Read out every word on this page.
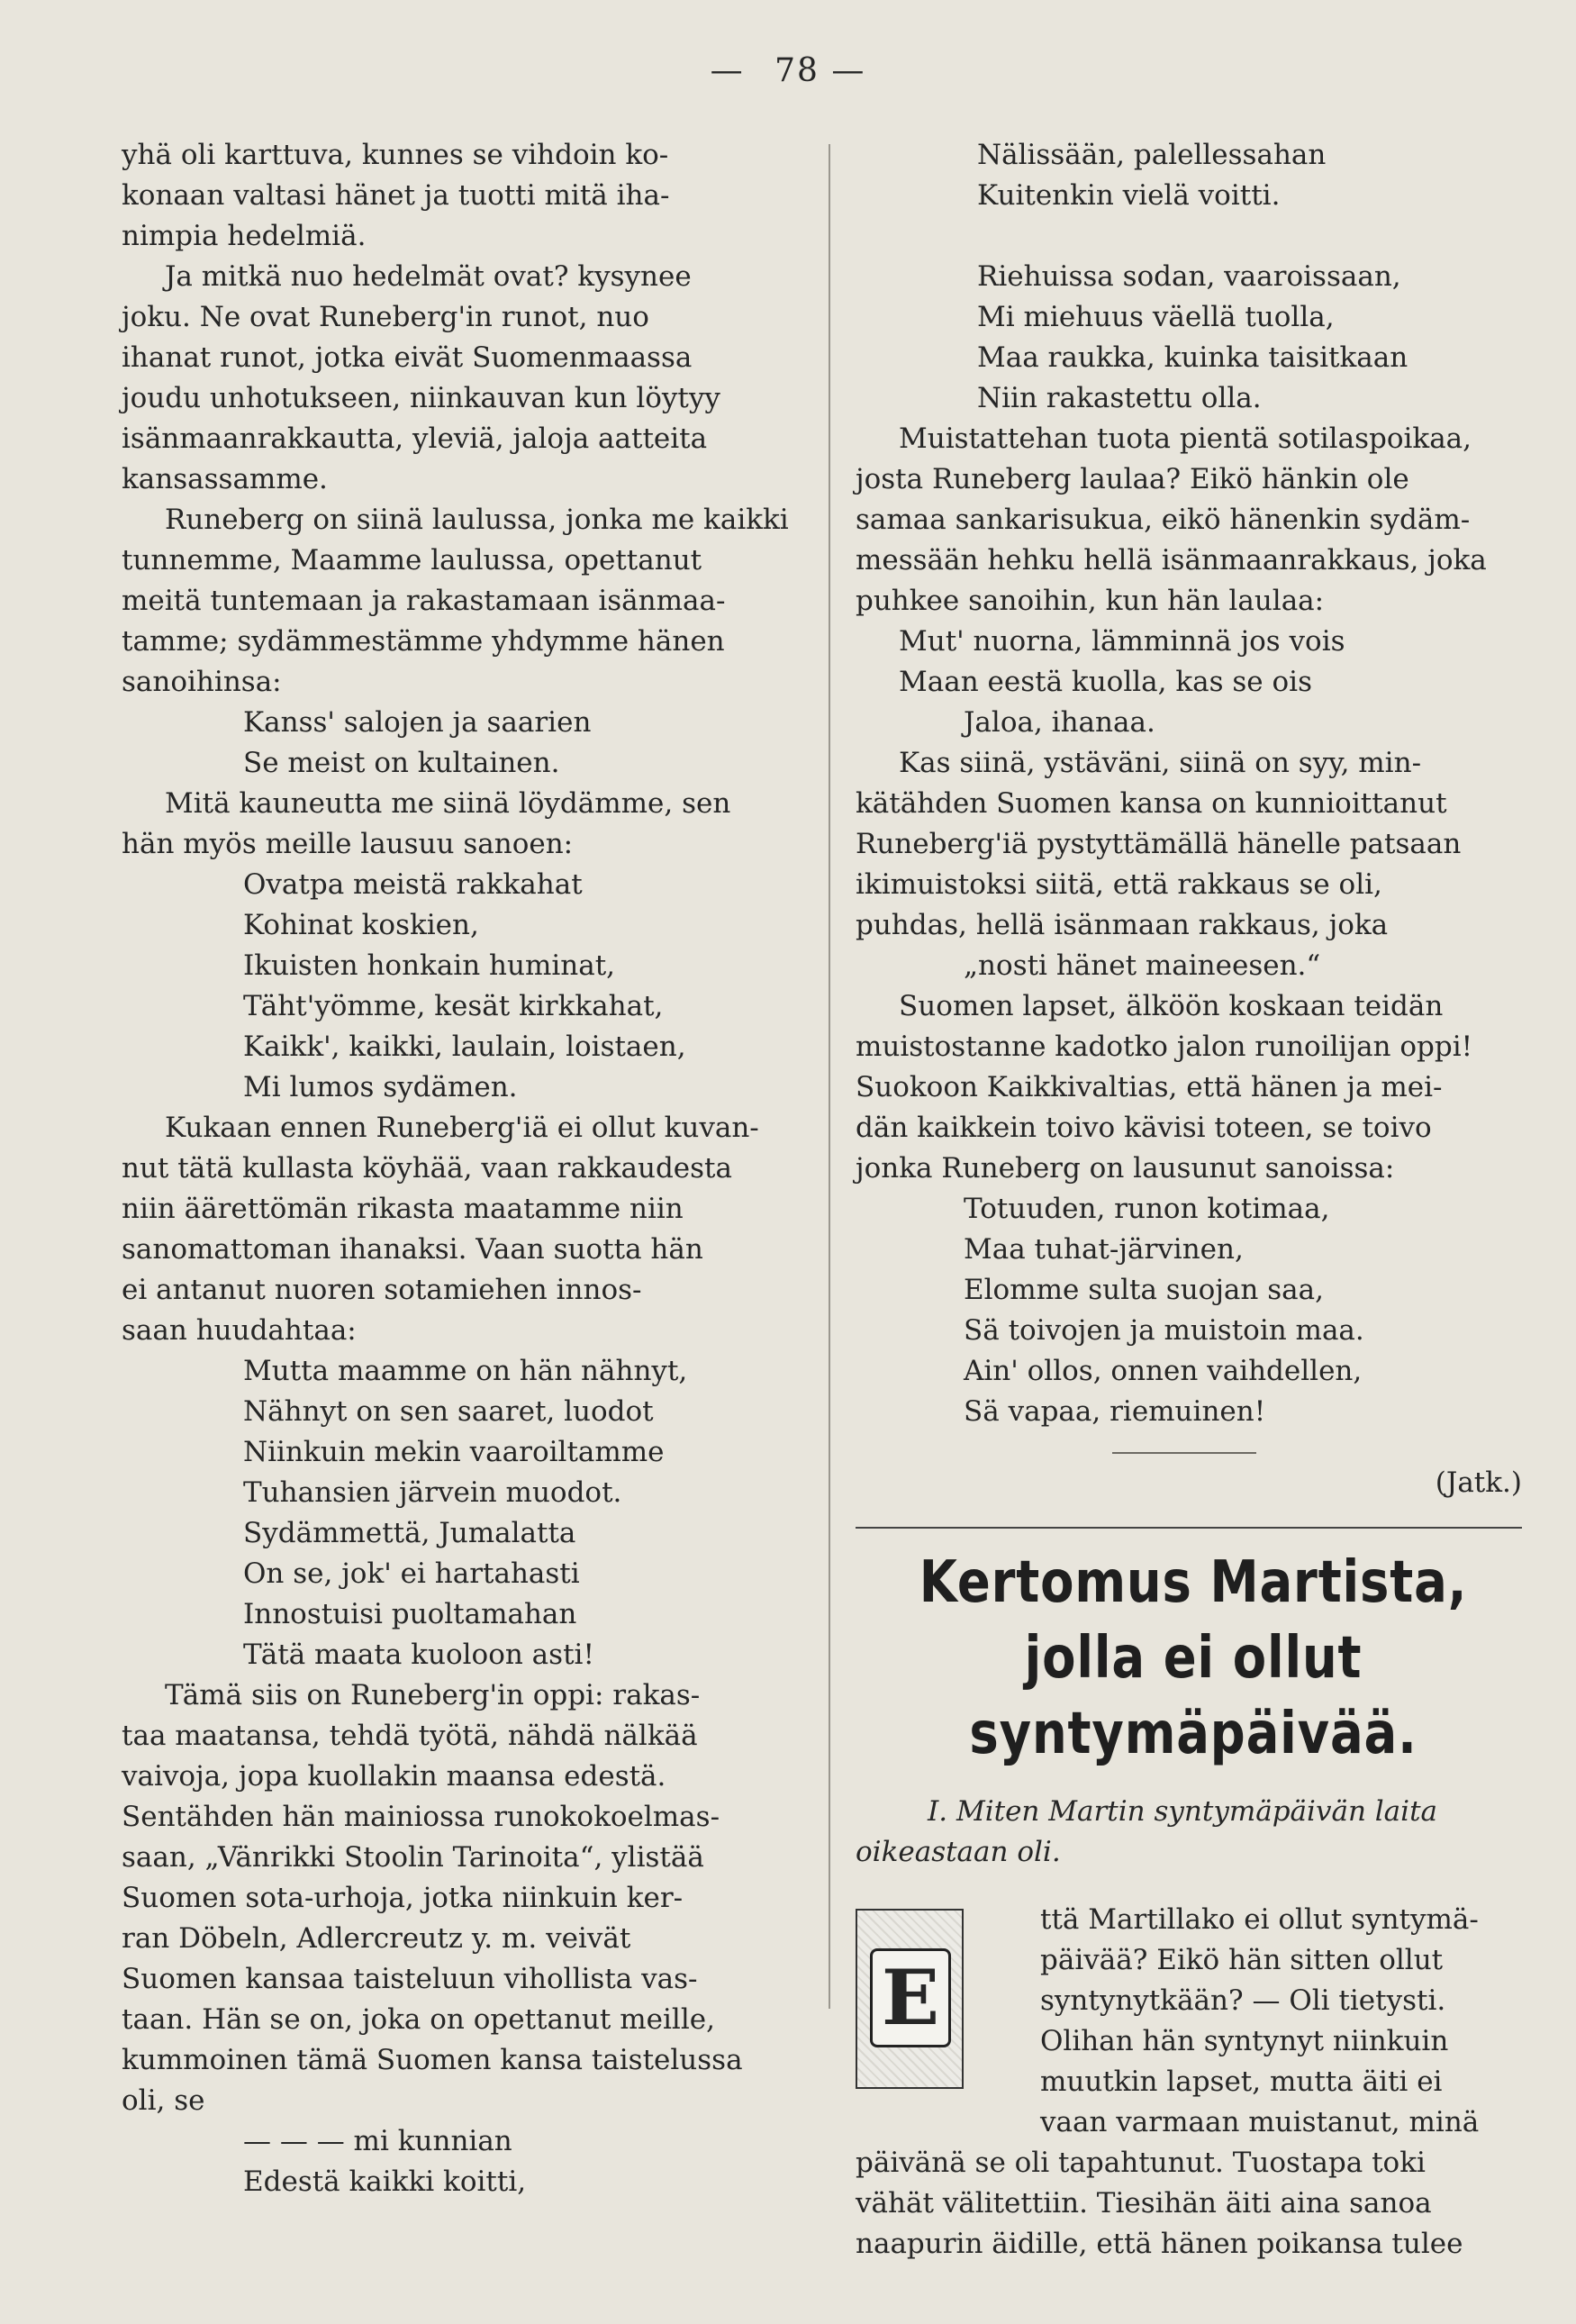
— 78 —

yhä oli karttuva, kunnes se vihdoin ko-

konaan valtasi hänet ja tuotti mitä iha-

nimpia hedelmiä.

Ja mitkä nuo hedelmät ovat? kysynee

joku. Ne ovat Runeberg'in runot, nuo

ihanat runot, jotka eivät Suomenmaassa

joudu unhotukseen, niinkauvan kun löytyy

isänmaanrakkautta, yleviä, jaloja aatteita

kansassamme.

Runeberg on siinä laulussa, jonka me kaikki

tunnemme, Maamme laulussa, opettanut

meitä tuntemaan ja rakastamaan isänmaa-

tamme; sydämmestämme yhdymme hänen

sanoihinsa:

Kanss' salojen ja saarien

Se meist on kultainen.

Mitä kauneutta me siinä löydämme, sen

hän myös meille lausuu sanoen:

Ovatpa meistä rakkahat

Kohinat koskien,

Ikuisten honkain huminat,

Täht'yömme, kesät kirkkahat,

Kaikk', kaikki, laulain, loistaen,

Mi lumos sydämen.

Kukaan ennen Runeberg'iä ei ollut kuvan-

nut tätä kullasta köyhää, vaan rakkaudesta

niin äärettömän rikasta maatamme niin

sanomattoman ihanaksi. Vaan suotta hän

ei antanut nuoren sotamiehen innos-

saan huudahtaa:

Mutta maamme on hän nähnyt,

Nähnyt on sen saaret, luodot

Niinkuin mekin vaaroiltamme

Tuhansien järvein muodot.

Sydämmettä, Jumalatta

On se, jok' ei hartahasti

Innostuisi puoltamahan

Tätä maata kuoloon asti!

Tämä siis on Runeberg'in oppi: rakas-

taa maatansa, tehdä työtä, nähdä nälkää

vaivoja, jopa kuollakin maansa edestä.

Sentähden hän mainiossa runokokoelmas-

saan, „Vänrikki Stoolin Tarinoita“, ylistää

Suomen sota-urhoja, jotka niinkuin ker-

ran Döbeln, Adlercreutz y. m. veivät

Suomen kansaa taisteluun vihollista vas-

taan. Hän se on, joka on opettanut meille,

kummoinen tämä Suomen kansa taistelussa

oli, se

— — — mi kunnian

Edestä kaikki koitti,

Nälissään, palellessahan

Kuitenkin vielä voitti.

Riehuissa sodan, vaaroissaan,

Mi miehuus väellä tuolla,

Maa raukka, kuinka taisitkaan

Niin rakastettu olla.

Muistattehan tuota pientä sotilaspoikaa,

josta Runeberg laulaa? Eikö hänkin ole

samaa sankarisukua, eikö hänenkin sydäm-

messään hehku hellä isänmaanrakkaus, joka

puhkee sanoihin, kun hän laulaa:

Mut' nuorna, lämminnä jos vois

Maan eestä kuolla, kas se ois

Jaloa, ihanaa.

Kas siinä, ystäväni, siinä on syy, min-

kätähden Suomen kansa on kunnioittanut

Runeberg'iä pystyttämällä hänelle patsaan

ikimuistoksi siitä, että rakkaus se oli,

puhdas, hellä isänmaan rakkaus, joka

„nosti hänet maineesen.“

Suomen lapset, älköön koskaan teidän

muistostanne kadotko jalon runoilijan oppi!

Suokoon Kaikkivaltias, että hänen ja mei-

dän kaikkein toivo kävisi toteen, se toivo

jonka Runeberg on lausunut sanoissa:

Totuuden, runon kotimaa,

Maa tuhat-järvinen,

Elomme sulta suojan saa,

Sä toivojen ja muistoin maa.

Ain' ollos, onnen vaihdellen,

Sä vapaa, riemuinen!

(Jatk.)

Kertomus Martista, jolla ei ollut syntymäpäivää.

I. Miten Martin syntymäpäivän laita
oikeastaan oli.

E

ttä Martillako ei ollut syntymä-

päivää? Eikö hän sitten ollut

syntynytkään? — Oli tietysti.

Olihan hän syntynyt niinkuin

muutkin lapset, mutta äiti ei

vaan varmaan muistanut, minä

päivänä se oli tapahtunut. Tuostapa toki

vähät välitettiin. Tiesihän äiti aina sanoa

naapurin äidille, että hänen poikansa tulee
